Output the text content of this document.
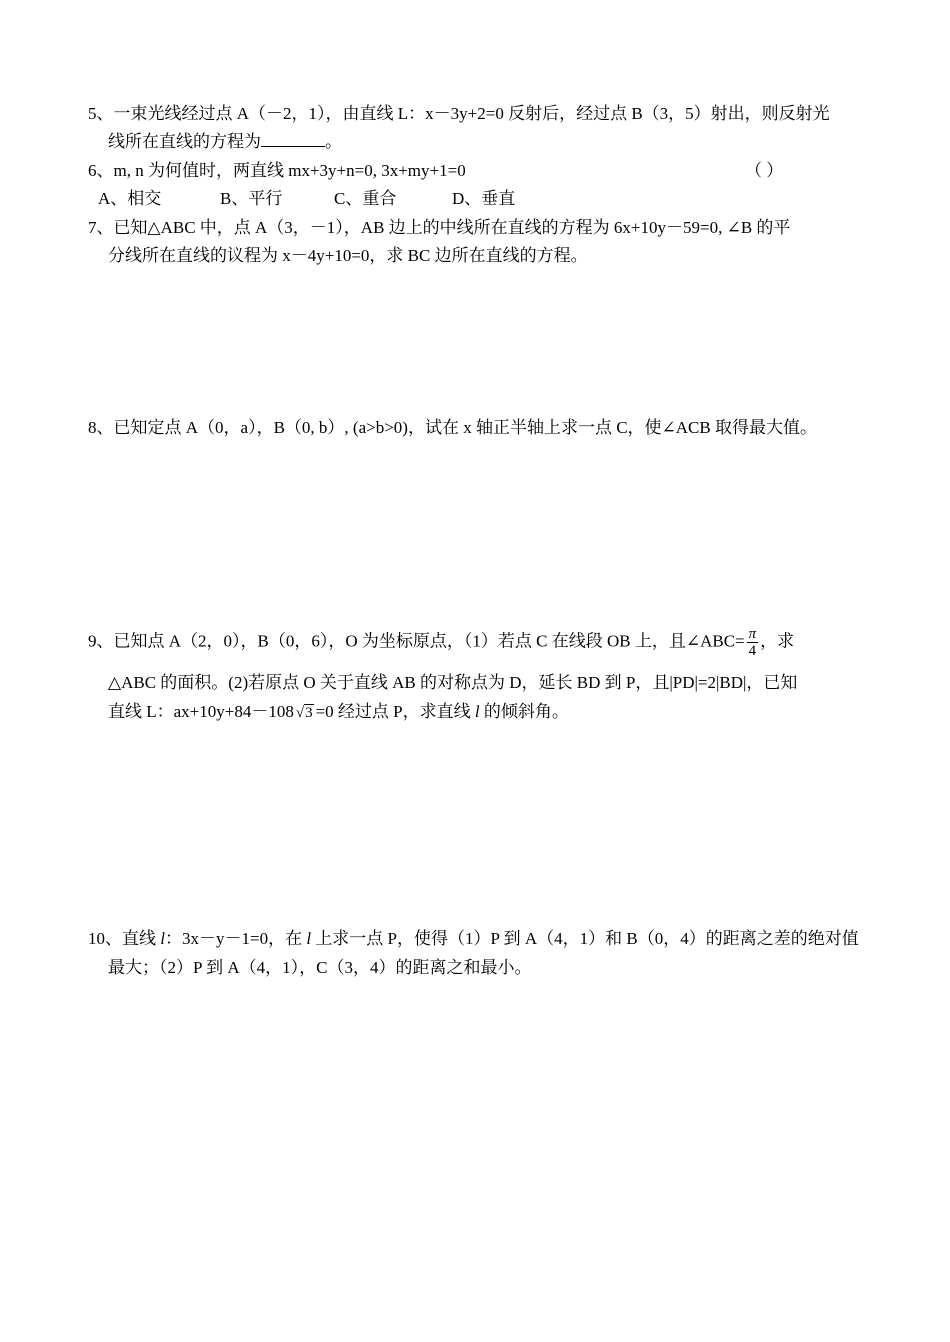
5、一束光线经过点 A（－2，1），由直线 L：x－3y+2=0 反射后，经过点 B（3，5）射出，则反射光
线所在直线的方程为	。
6、m, n 为何值时，两直线 mx+3y+n=0, 3x+my+1=0	（ ）
A、相交	B、平行	C、重合	D、垂直
7、已知△ABC 中，点 A（3，－1），AB 边上的中线所在直线的方程为 6x+10y－59=0, ∠B 的平
分线所在直线的议程为 x－4y+10=0，求 BC 边所在直线的方程。
8、已知定点 A（0，a），B（0, b）, (a>b>0)，试在 x 轴正半轴上求一点 C，使∠ACB 取得最大值。
9、已知点 A（2，0），B（0，6），O 为坐标原点，（1）若点 C 在线段 OB 上，且∠ABC= $\frac{\pi}{4}$ ，求
△ABC 的面积。(2)若原点 O 关于直线 AB 的对称点为 D，延长 BD 到 P，且|PD|=2|BD|，已知
直线 L：ax+10y+84－108 √3 =0 经过点 P，求直线 l 的倾斜角。
10、直线 l：3x－y－1=0，在 l 上求一点 P，使得（1）P 到 A（4，1）和 B（0，4）的距离之差的绝对值
最大；（2）P 到 A（4，1），C（3，4）的距离之和最小。
